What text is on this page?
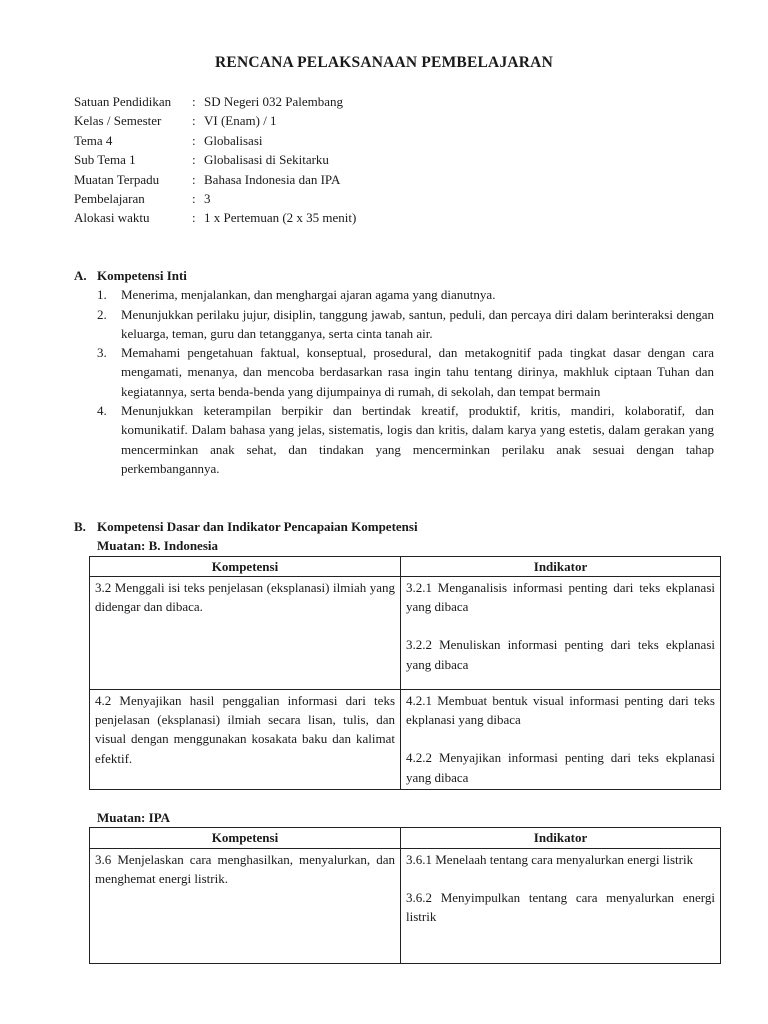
RENCANA PELAKSANAAN PEMBELAJARAN
Satuan Pendidikan	: SD Negeri 032 Palembang
Kelas / Semester	: VI (Enam) / 1
Tema 4	: Globalisasi
Sub Tema 1	: Globalisasi di Sekitarku
Muatan Terpadu	: Bahasa Indonesia dan IPA
Pembelajaran	: 3
Alokasi waktu	: 1 x Pertemuan (2 x 35 menit)
A. Kompetensi Inti
1.	Menerima, menjalankan, dan menghargai ajaran agama yang dianutnya.
2.	Menunjukkan perilaku jujur, disiplin, tanggung jawab, santun, peduli, dan percaya diri dalam berinteraksi dengan keluarga, teman, guru dan tetangganya, serta cinta tanah air.
3.	Memahami pengetahuan faktual, konseptual, prosedural, dan metakognitif pada tingkat dasar dengan cara mengamati, menanya, dan mencoba berdasarkan rasa ingin tahu tentang dirinya, makhluk ciptaan Tuhan dan kegiatannya, serta benda-benda yang dijumpainya di rumah, di sekolah, dan tempat bermain
4.	Menunjukkan keterampilan berpikir dan bertindak kreatif, produktif, kritis, mandiri, kolaboratif, dan komunikatif. Dalam bahasa yang jelas, sistematis, logis dan kritis, dalam karya yang estetis, dalam gerakan yang mencerminkan anak sehat, dan tindakan yang mencerminkan perilaku anak sesuai dengan tahap perkembangannya.
B. Kompetensi Dasar dan Indikator Pencapaian Kompetensi
Muatan: B. Indonesia
Kompetensi	Indikator
3.2 Menggali isi teks penjelasan (eksplanasi) ilmiah yang didengar dan dibaca.	3.2.1 Menganalisis informasi penting dari teks ekplanasi yang dibaca
3.2.2 Menuliskan informasi penting dari teks ekplanasi yang dibaca

4.2 Menyajikan hasil penggalian informasi dari teks penjelasan (eksplanasi) ilmiah secara lisan, tulis, dan visual dengan menggunakan kosakata baku dan kalimat efektif.	4.2.1 Membuat bentuk visual informasi penting dari teks ekplanasi yang dibaca
4.2.2 Menyajikan informasi penting dari teks ekplanasi yang dibaca
Muatan: IPA
Kompetensi	Indikator
3.6 Menjelaskan cara menghasilkan, menyalurkan, dan menghemat energi listrik.	3.6.1 Menelaah tentang cara menyalurkan energi listrik
3.6.2 Menyimpulkan tentang cara menyalurkan energi listrik
